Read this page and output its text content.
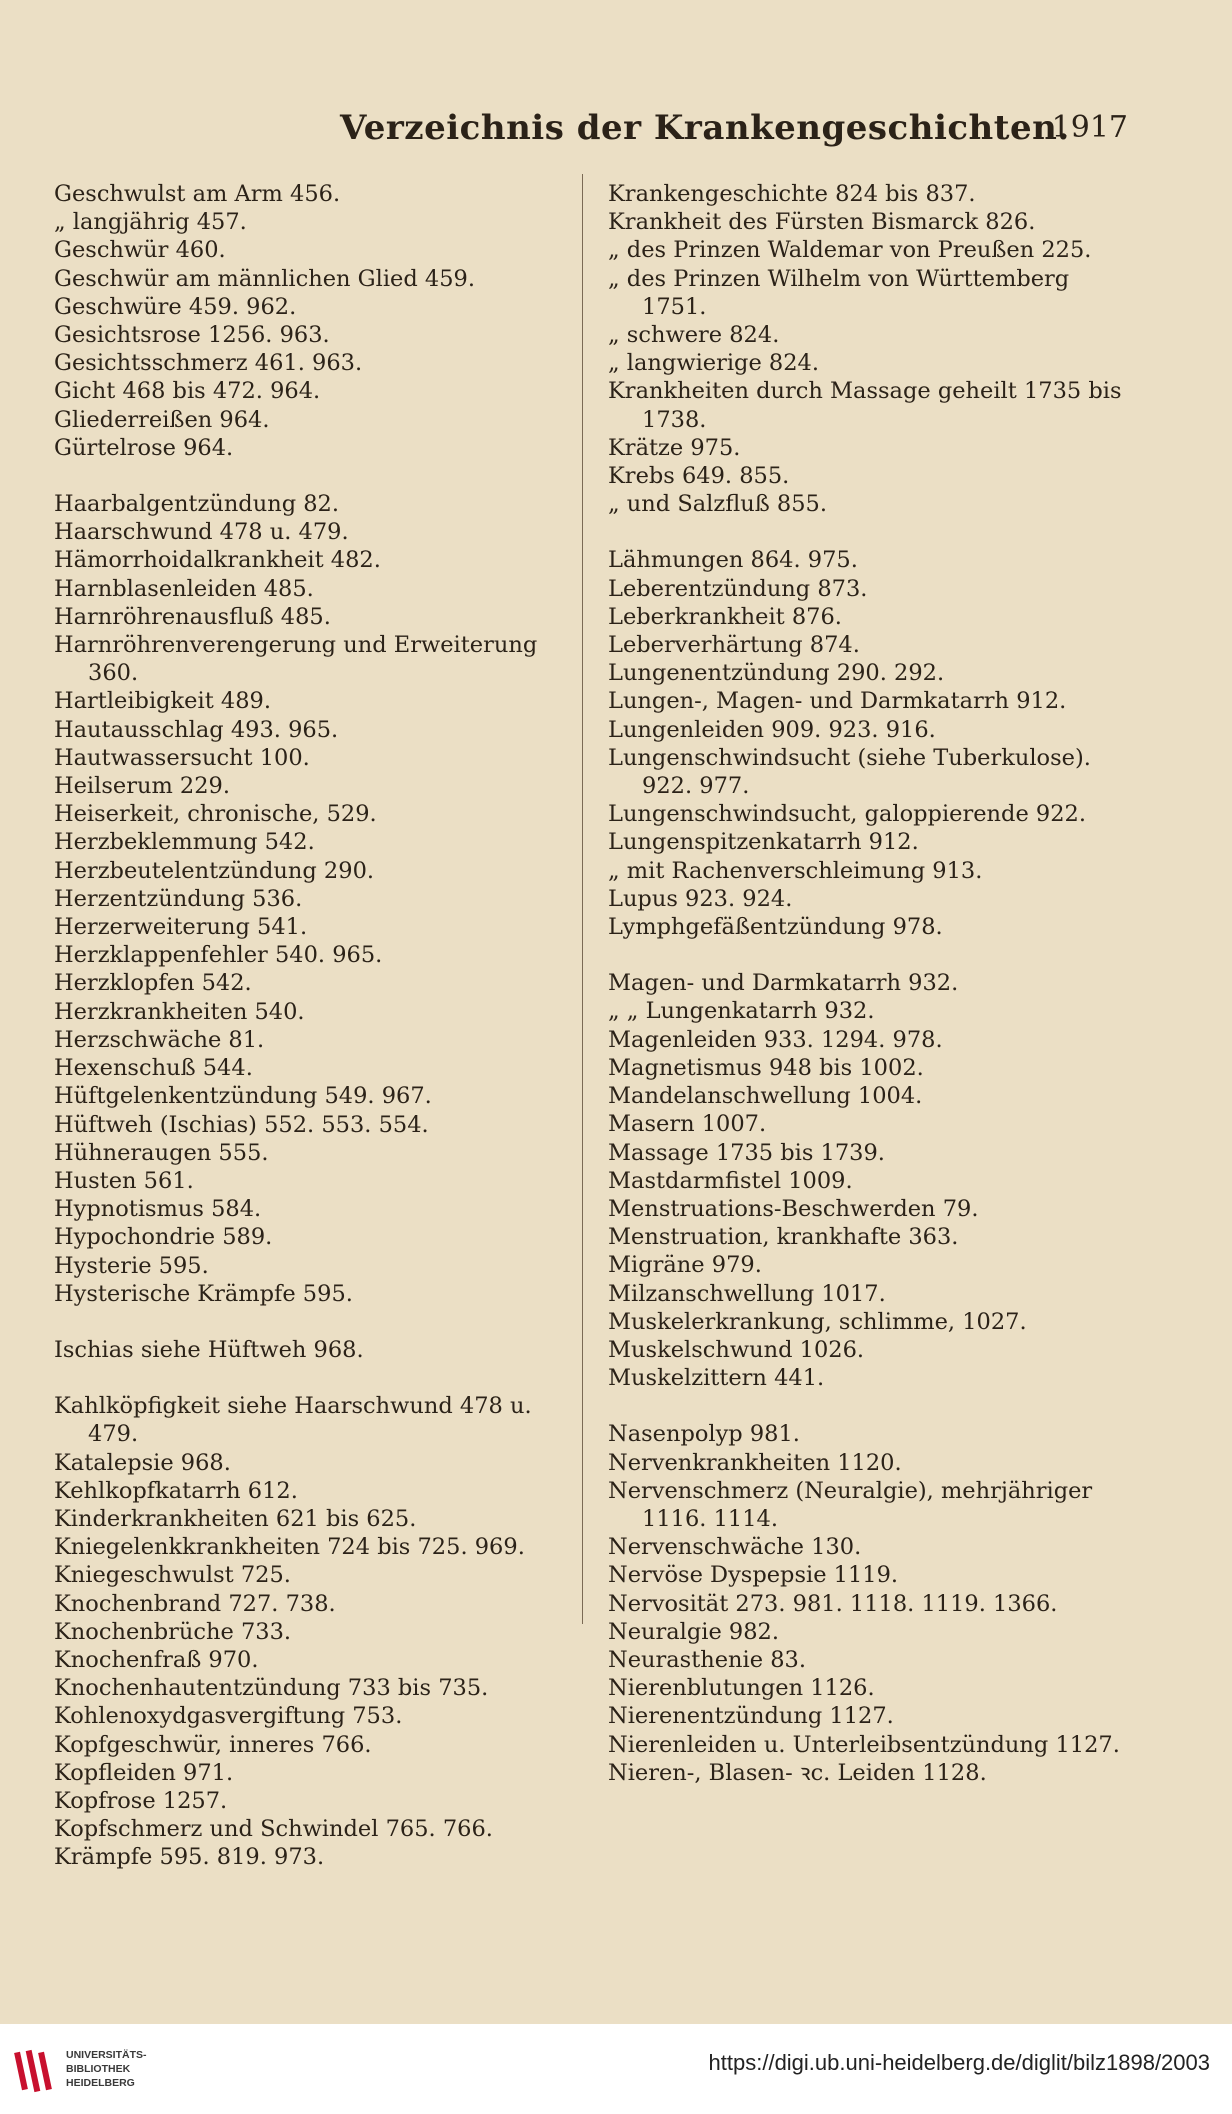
Verzeichnis der Krankengeschichten.
1917
Geschwulst am Arm 456.
„ langjährig 457.
Geschwür 460.
Geschwür am männlichen Glied 459.
Geschwüre 459. 962.
Gesichtsrose 1256. 963.
Gesichtsschmerz 461. 963.
Gicht 468 bis 472. 964.
Gliederreißen 964.
Gürtelrose 964.
Haarbalgentzündung 82.
Haarschwund 478 u. 479.
Hämorrhoidalkrankheit 482.
Harnblasenleiden 485.
Harnröhrenausfluß 485.
Harnröhrenverengerung und Erweiterung 360.
Hartleibigkeit 489.
Hautausschlag 493. 965.
Hautwassersucht 100.
Heilserum 229.
Heiserkeit, chronische, 529.
Herzbeklemmung 542.
Herzbeutelentzündung 290.
Herzentzündung 536.
Herzerweiterung 541.
Herzklappenfehler 540. 965.
Herzklopfen 542.
Herzkrankheiten 540.
Herzschwäche 81.
Hexenschuß 544.
Hüftgelenkentzündung 549. 967.
Hüftweh (Ischias) 552. 553. 554.
Hühneraugen 555.
Husten 561.
Hypnotismus 584.
Hypochondrie 589.
Hysterie 595.
Hysterische Krämpfe 595.
Ischias siehe Hüftweh 968.
Kahlköpfigkeit siehe Haarschwund 478 u. 479.
Katalepsie 968.
Kehlkopfkatarrh 612.
Kinderkrankheiten 621 bis 625.
Kniegelenkkrankheiten 724 bis 725. 969.
Kniegeschwulst 725.
Knochenbrand 727. 738.
Knochenbrüche 733.
Knochenfraß 970.
Knochenhautentzündung 733 bis 735.
Kohlenoxydgasvergiftung 753.
Kopfgeschwür, inneres 766.
Kopfleiden 971.
Kopfrose 1257.
Kopfschmerz und Schwindel 765. 766.
Krämpfe 595. 819. 973.
Krankengeschichte 824 bis 837.
Krankheit des Fürsten Bismarck 826.
„ des Prinzen Waldemar von Preußen 225.
„ des Prinzen Wilhelm von Württemberg 1751.
„ schwere 824.
„ langwierige 824.
Krankheiten durch Massage geheilt 1735 bis 1738.
Krätze 975.
Krebs 649. 855.
„ und Salzfluß 855.
Lähmungen 864. 975.
Leberentzündung 873.
Leberkrankheit 876.
Leberverhärtung 874.
Lungenentzündung 290. 292.
Lungen-, Magen- und Darmkatarrh 912.
Lungenleiden 909. 923. 916.
Lungenschwindsucht (siehe Tuberkulose). 922. 977.
Lungenschwindsucht, galoppierende 922.
Lungenspitzenkatarrh 912.
„ mit Rachenverschleimung 913.
Lupus 923. 924.
Lymphgefäßentzündung 978.
Magen- und Darmkatarrh 932.
„ „ Lungenkatarrh 932.
Magenleiden 933. 1294. 978.
Magnetismus 948 bis 1002.
Mandelanschwellung 1004.
Masern 1007.
Massage 1735 bis 1739.
Mastdarmfistel 1009.
Menstruations-Beschwerden 79.
Menstruation, krankhafte 363.
Migräne 979.
Milzanschwellung 1017.
Muskelerkrankung, schlimme, 1027.
Muskelschwund 1026.
Muskelzittern 441.
Nasenpolyp 981.
Nervenkrankheiten 1120.
Nervenschmerz (Neuralgie), mehrjähriger 1116. 1114.
Nervenschwäche 130.
Nervöse Dyspepsie 1119.
Nervosität 273. 981. 1118. 1119. 1366.
Neuralgie 982.
Neurasthenie 83.
Nierenblutungen 1126.
Nierenentzündung 1127.
Nierenleiden u. Unterleibsentzündung 1127.
Nieren-, Blasen- ꝛc. Leiden 1128.
UNIVERSITÄTS-
BIBLIOTHEK
HEIDELBERG
https://digi.ub.uni-heidelberg.de/diglit/bilz1898/2003
